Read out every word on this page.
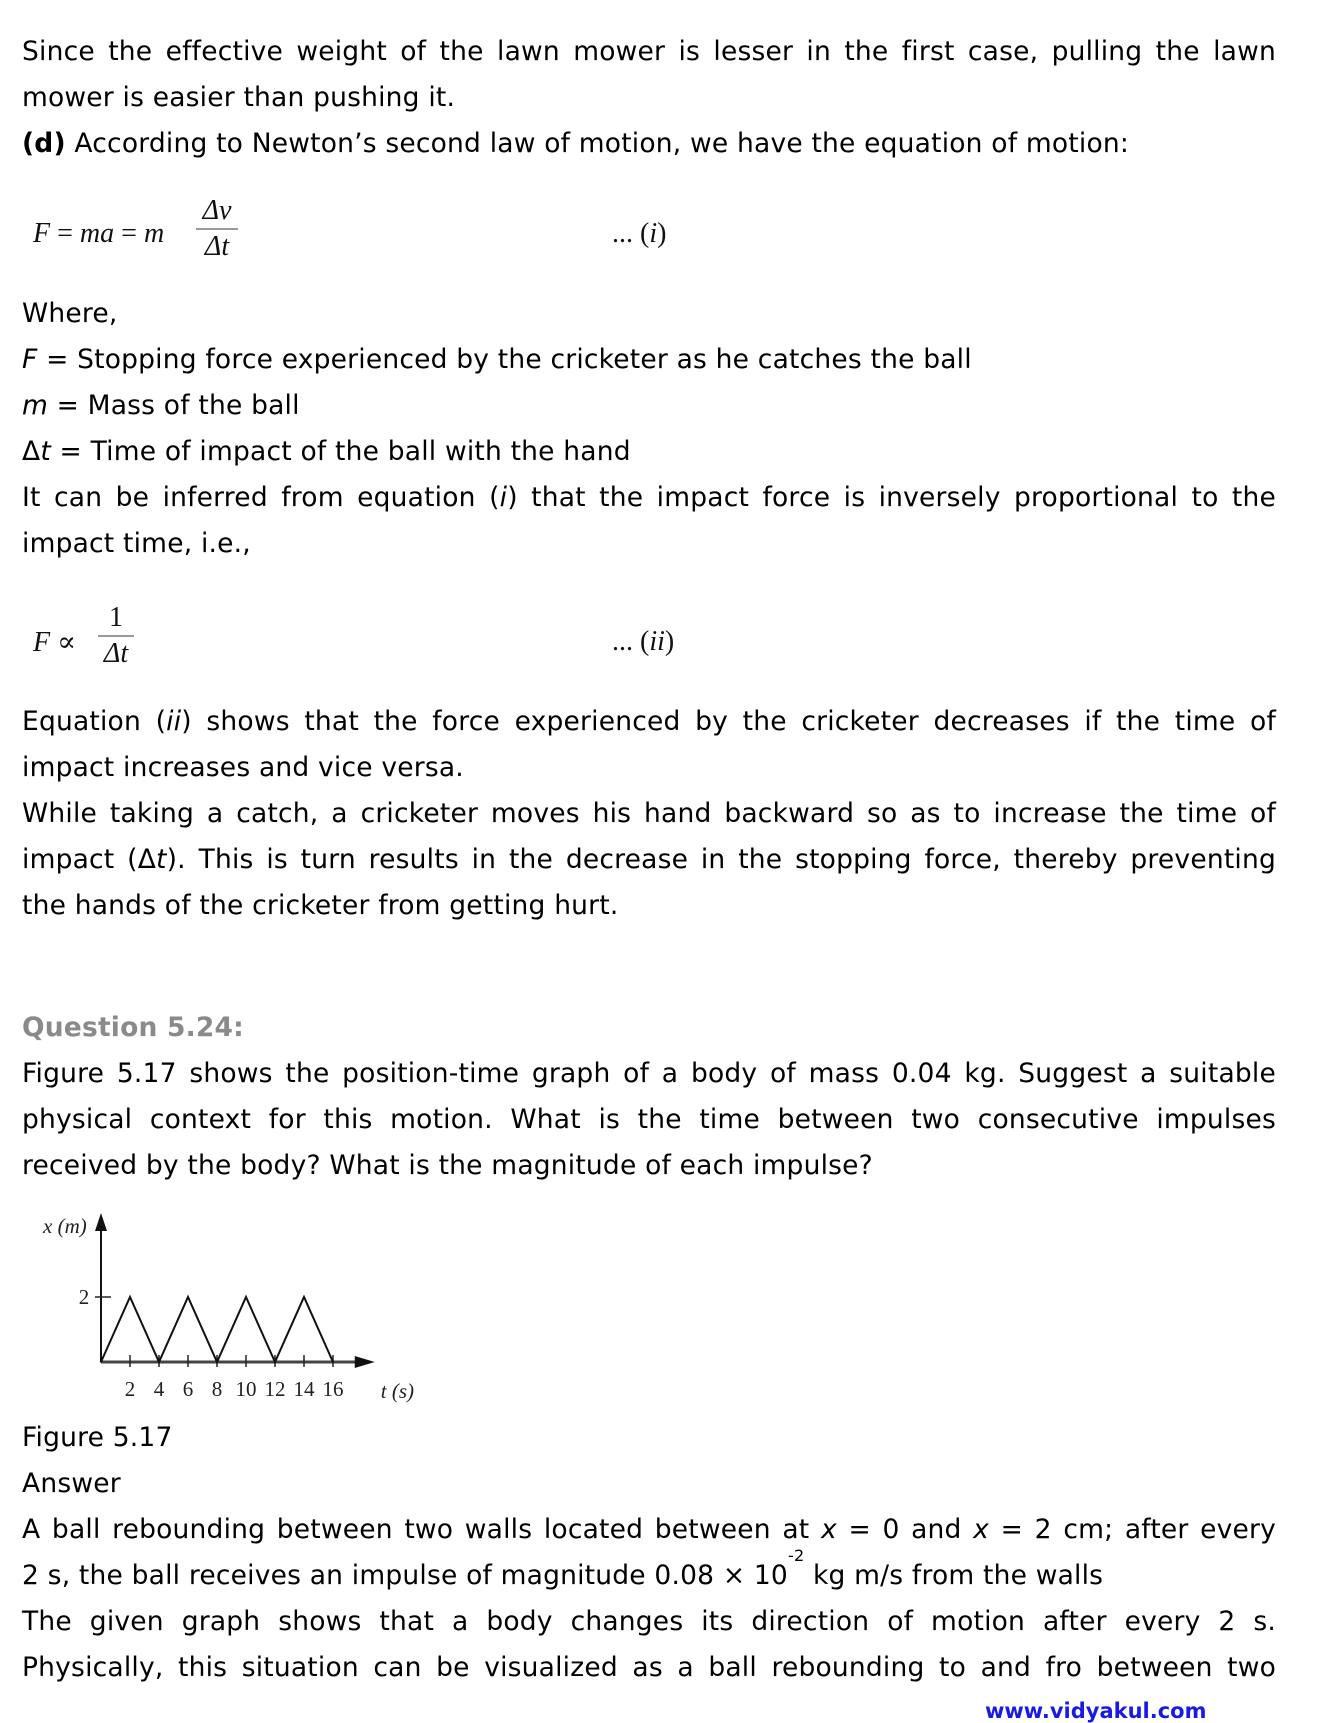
Since the effective weight of the lawn mower is lesser in the first case, pulling the lawn
mower is easier than pushing it.
(d) According to Newton’s second law of motion, we have the equation of motion:
F = ma = m
Δv
Δt	... (i)
Where,
F = Stopping force experienced by the cricketer as he catches the ball
m = Mass of the ball
Δt = Time of impact of the ball with the hand
It can be inferred from equation (i) that the impact force is inversely proportional to the
impact time, i.e.,
F ∝
1
Δt	... (ii)
Equation (ii) shows that the force experienced by the cricketer decreases if the time of
impact increases and vice versa.
While taking a catch, a cricketer moves his hand backward so as to increase the time of
impact (Δt). This is turn results in the decrease in the stopping force, thereby preventing
the hands of the cricketer from getting hurt.
Question 5.24:
Figure 5.17 shows the position-time graph of a body of mass 0.04 kg. Suggest a suitable
physical context for this motion. What is the time between two consecutive impulses
received by the body? What is the magnitude of each impulse?
2
2 4 6 8 10 12 14 16
x (m)
t (s)
Figure 5.17
Answer
A ball rebounding between two walls located between at x = 0 and x = 2 cm; after every
2 s, the ball receives an impulse of magnitude $0.08 \times 10^{-2}$ kg m/s from the walls
The given graph shows that a body changes its direction of motion after every 2 s.
Physically, this situation can be visualized as a ball rebounding to and fro between two
www.vidyakul.com
